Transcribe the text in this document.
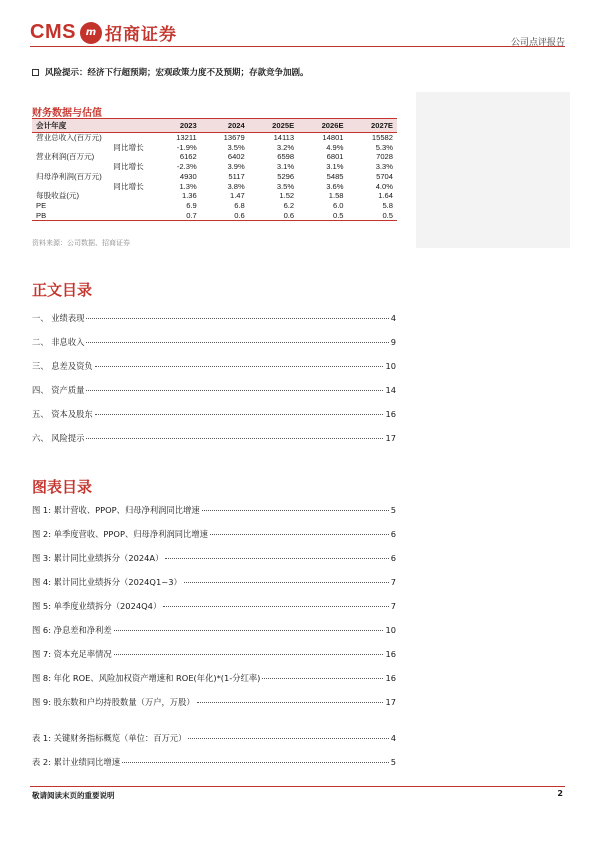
CMS m 招商证券	公司点评报告
风险提示： 经济下行超预期；宏观政策力度不及预期；存款竞争加剧。
财务数据与估值
会计年度	2023	2024	2025E	2026E	2027E
营业总收入(百万元)	13211	13679	14113	14801	15582
同比增长	-1.9%	3.5%	3.2%	4.9%	5.3%
营业利润(百万元)	6162	6402	6598	6801	7028
同比增长	-2.3%	3.9%	3.1%	3.1%	3.3%
归母净利润(百万元)	4930	5117	5296	5485	5704
同比增长	1.3%	3.8%	3.5%	3.6%	4.0%
每股收益(元)	1.36	1.47	1.52	1.58	1.64
PE	6.9	6.8	6.2	6.0	5.8
PB	0.7	0.6	0.6	0.5	0.5
资料来源：公司数据、招商证券
正文目录
一、 业绩表现	4
二、 非息收入	9
三、 息差及资负	10
四、 资产质量	14
五、 资本及股东	16
六、 风险提示	17
图表目录
图 1: 累计营收、PPOP、归母净利润同比增速	5
图 2: 单季度营收、PPOP、归母净利润同比增速	6
图 3: 累计同比业绩拆分（2024A）	6
图 4: 累计同比业绩拆分（2024Q1~3）	7
图 5: 单季度业绩拆分（2024Q4）	7
图 6: 净息差和净利差	10
图 7: 资本充足率情况	16
图 8: 年化 ROE、风险加权资产增速和 ROE(年化)*(1-分红率)	16
图 9: 股东数和户均持股数量（万户，万股）	17
表 1: 关键财务指标概览（单位：百万元）	4
表 2: 累计业绩同比增速	5
敬请阅读末页的重要说明	2
